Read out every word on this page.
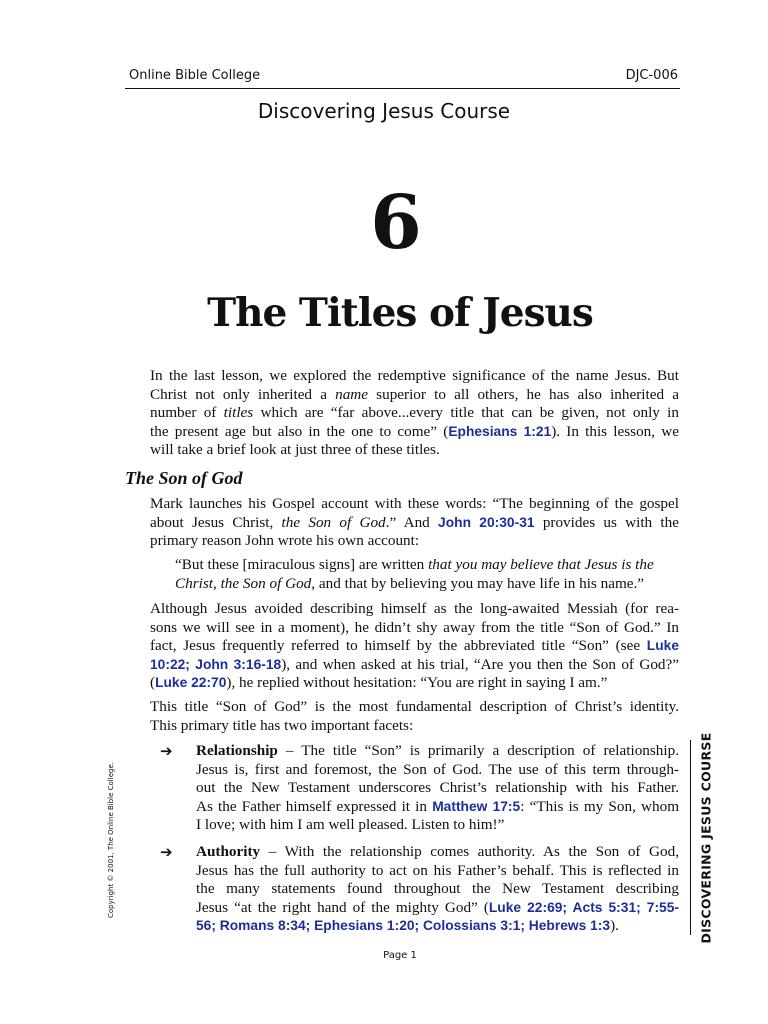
Online Bible College	DJC-006
Discovering Jesus Course
6
The Titles of Jesus
In the last lesson, we explored the redemptive significance of the name Jesus. But
Christ not only inherited a name superior to all others, he has also inherited a
number of titles which are “far above...every title that can be given, not only in
the present age but also in the one to come” (Ephesians 1:21). In this lesson, we
will take a brief look at just three of these titles.
The Son of God
Mark launches his Gospel account with these words: “The beginning of the gospel
about Jesus Christ, the Son of God.” And John 20:30-31 provides us with the
primary reason John wrote his own account:
“But these [miraculous signs] are written that you may believe that Jesus is the
Christ, the Son of God, and that by believing you may have life in his name.”
Although Jesus avoided describing himself as the long-awaited Messiah (for rea-
sons we will see in a moment), he didn’t shy away from the title “Son of God.” In
fact, Jesus frequently referred to himself by the abbreviated title “Son” (see Luke
10:22; John 3:16-18), and when asked at his trial, “Are you then the Son of God?”
(Luke 22:70), he replied without hesitation: “You are right in saying I am.”
This title “Son of God” is the most fundamental description of Christ’s identity.
This primary title has two important facets:
➔ Relationship – The title “Son” is primarily a description of relationship.
Jesus is, first and foremost, the Son of God. The use of this term through-
out the New Testament underscores Christ’s relationship with his Father.
As the Father himself expressed it in Matthew 17:5: “This is my Son, whom
I love; with him I am well pleased. Listen to him!”
➔ Authority – With the relationship comes authority. As the Son of God,
Jesus has the full authority to act on his Father’s behalf. This is reflected in
the many statements found throughout the New Testament describing
Jesus “at the right hand of the mighty God” (Luke 22:69; Acts 5:31; 7:55-
56; Romans 8:34; Ephesians 1:20; Colossians 3:1; Hebrews 1:3).	DISCOVERING JESUS COURSE
Copyright © 2001, The Online Bible College.
Page 1
